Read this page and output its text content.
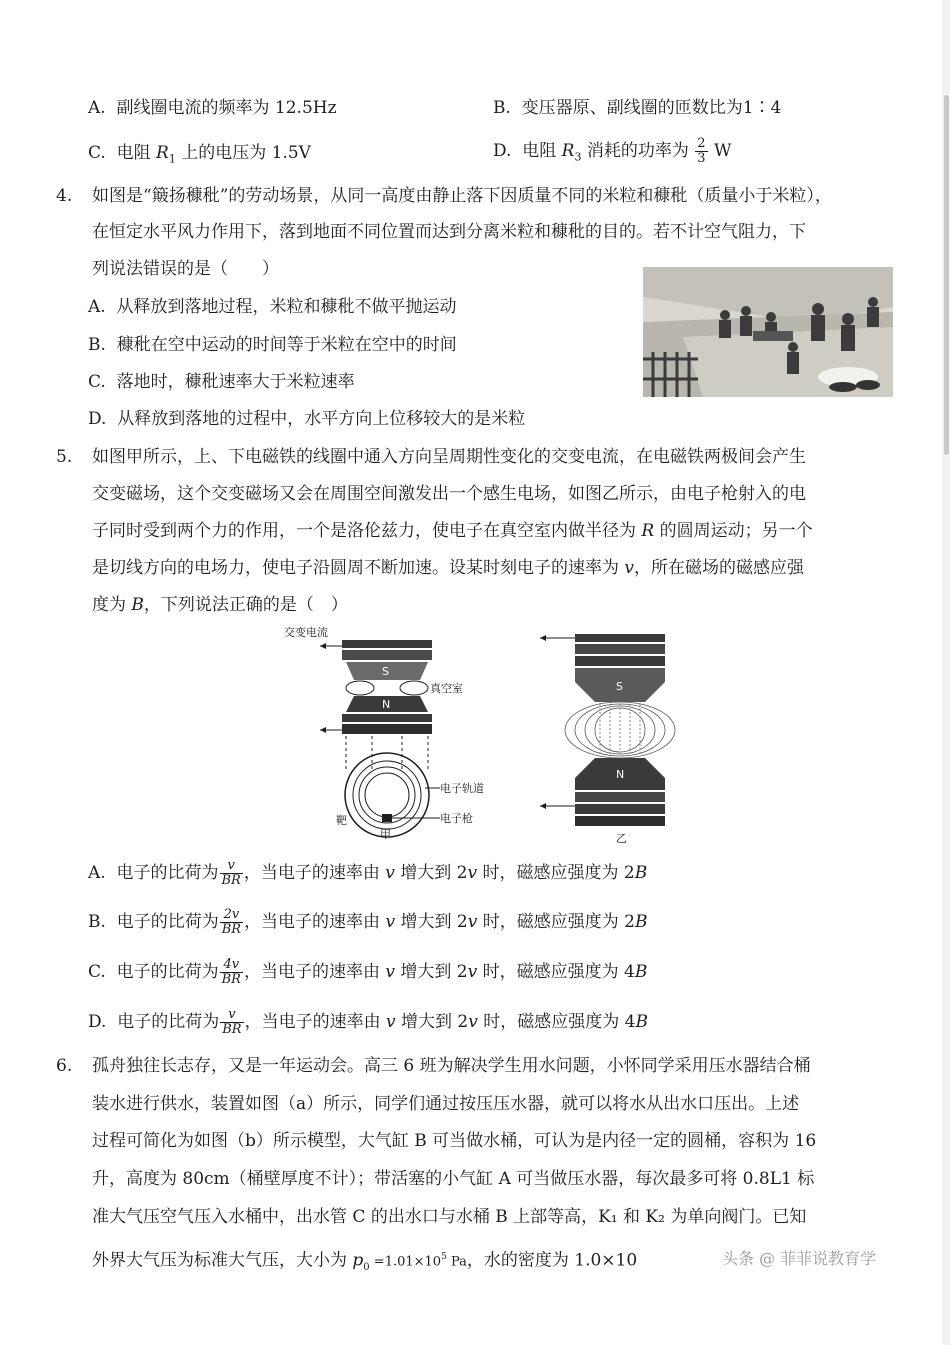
A. 副线圈电流的频率为 12.5Hz	B. 变压器原、副线圈的匝数比为1∶4
C. 电阻 $R_1$ 上的电压为 1.5V	D. 电阻 $R_3$ 消耗的功率为 $\frac{2}{3}$ W
4. 如图是“簸扬穅秕”的劳动场景，从同一高度由静止落下因质量不同的米粒和穅秕（质量小于米粒），
在恒定水平风力作用下，落到地面不同位置而达到分离米粒和穅秕的目的。若不计空气阻力，下
列说法错误的是（　　）
A. 从释放到落地过程，米粒和穅秕不做平抛运动
B. 穅秕在空中运动的时间等于米粒在空中的时间
C. 落地时，穅秕速率大于米粒速率
D. 从释放到落地的过程中，水平方向上位移较大的是米粒
5. 如图甲所示，上、下电磁铁的线圈中通入方向呈周期性变化的交变电流，在电磁铁两极间会产生
交变磁场，这个交变磁场又会在周围空间激发出一个感生电场，如图乙所示，由电子枪射入的电
子同时受到两个力的作用，一个是洛伦兹力，使电子在真空室内做半径为 R 的圆周运动；另一个
是切线方向的电场力，使电子沿圆周不断加速。设某时刻电子的速率为 v，所在磁场的磁感应强
度为 B，下列说法正确的是（　）
交变电流
S
真空室
N
电子轨道
电子枪
靶
甲
S
N
乙
A. 电子的比荷为 $\frac{v}{BR}$ ，当电子的速率由 v 增大到 2v 时，磁感应强度为 2B
B. 电子的比荷为 $\frac{2v}{BR}$ ，当电子的速率由 v 增大到 2v 时，磁感应强度为 2B
C. 电子的比荷为 $\frac{4v}{BR}$ ，当电子的速率由 v 增大到 2v 时，磁感应强度为 4B
D. 电子的比荷为 $\frac{v}{BR}$ ，当电子的速率由 v 增大到 2v 时，磁感应强度为 4B
6. 孤舟独往长志存，又是一年运动会。高三 6 班为解决学生用水问题，小怀同学采用压水器结合桶
装水进行供水，装置如图（a）所示，同学们通过按压压水器，就可以将水从出水口压出。上述
过程可简化为如图（b）所示模型，大气缸 B 可当做水桶，可认为是内径一定的圆桶，容积为 16
升，高度为 80cm（桶壁厚度不计）；带活塞的小气缸 A 可当做压水器，每次最多可将 0.8L1 标
准大气压空气压入水桶中，出水管 C 的出水口与水桶 B 上部等高，K₁ 和 K₂ 为单向阀门。已知
外界大气压为标准大气压，大小为 $p_0 =1.01\times 10^5$ Pa，水的密度为 1.0×10	头条 @ 菲菲说教育学
